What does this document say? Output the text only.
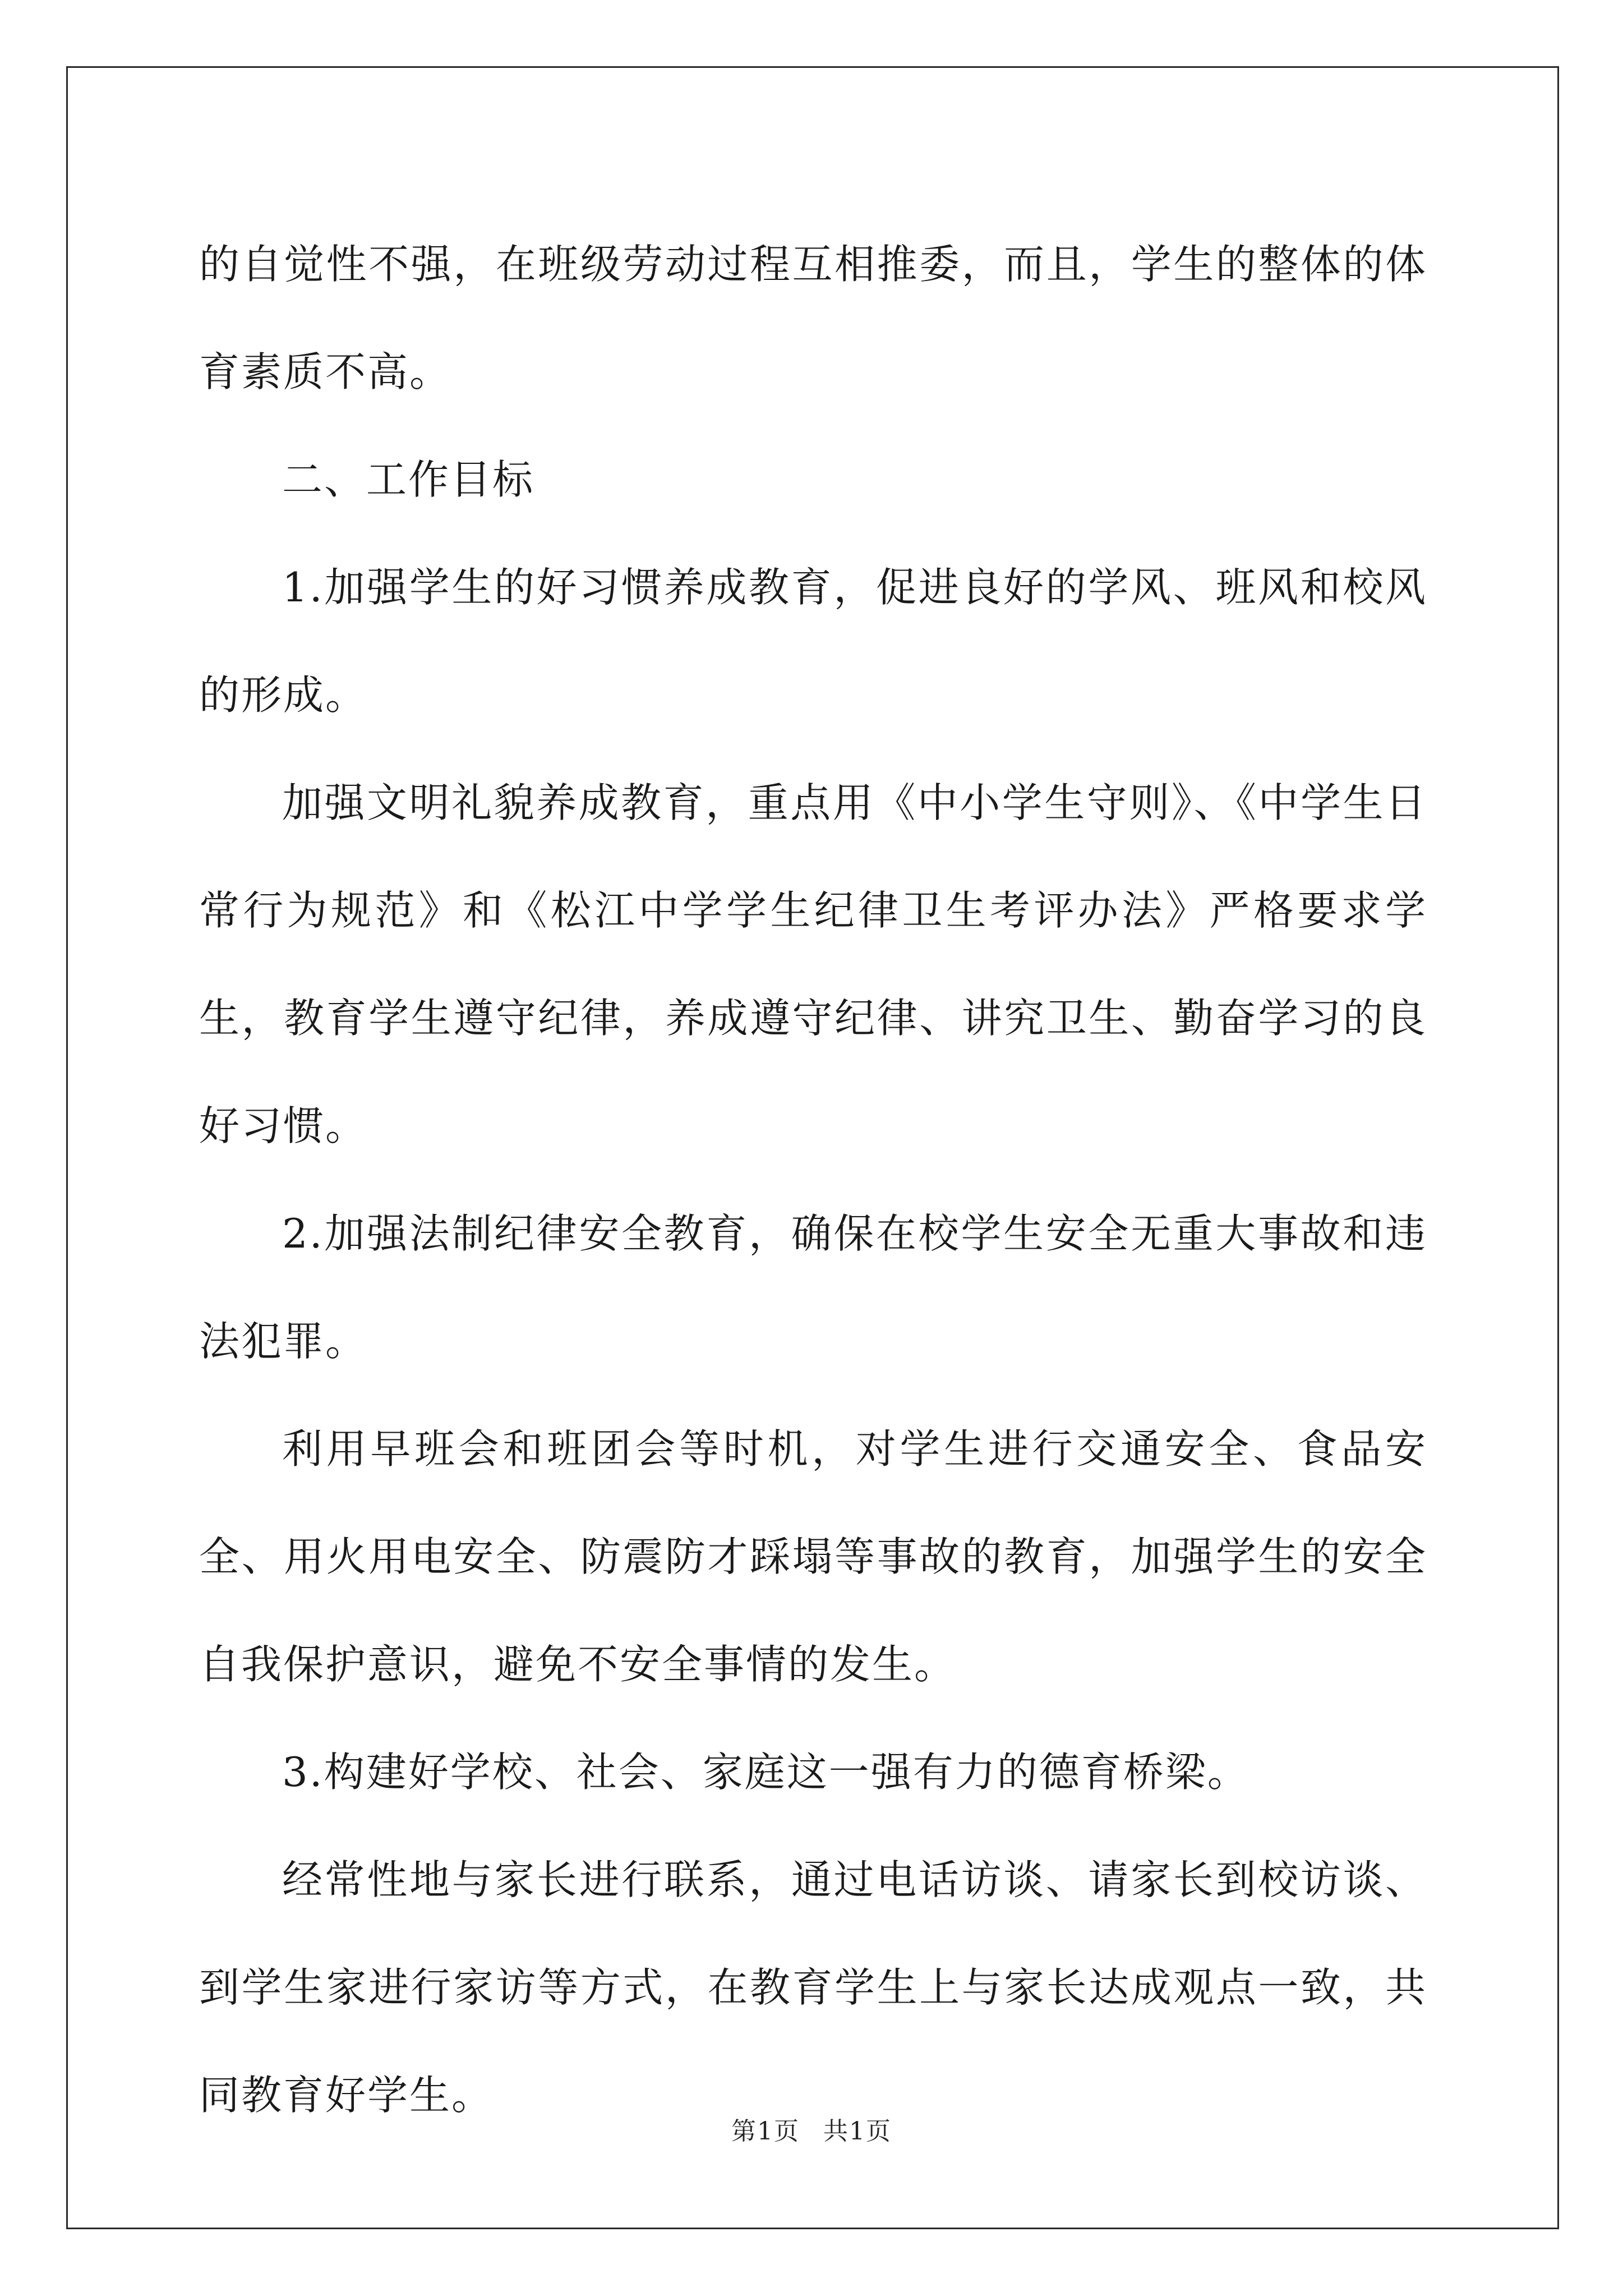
的自觉性不强，在班级劳动过程互相推委，而且，学生的整体的体育素质不高。

二、工作目标

1.加强学生的好习惯养成教育，促进良好的学风、班风和校风的形成。

加强文明礼貌养成教育，重点用《中小学生守则》、《中学生日常行为规范》和《松江中学学生纪律卫生考评办法》严格要求学生，教育学生遵守纪律，养成遵守纪律、讲究卫生、勤奋学习的良好习惯。

2.加强法制纪律安全教育，确保在校学生安全无重大事故和违法犯罪。

利用早班会和班团会等时机，对学生进行交通安全、食品安全、用火用电安全、防震防才踩塌等事故的教育，加强学生的安全自我保护意识，避免不安全事情的发生。

3.构建好学校、社会、家庭这一强有力的德育桥梁。

经常性地与家长进行联系，通过电话访谈、请家长到校访谈、到学生家进行家访等方式，在教育学生上与家长达成观点一致，共同教育好学生。

第1页 共1页
